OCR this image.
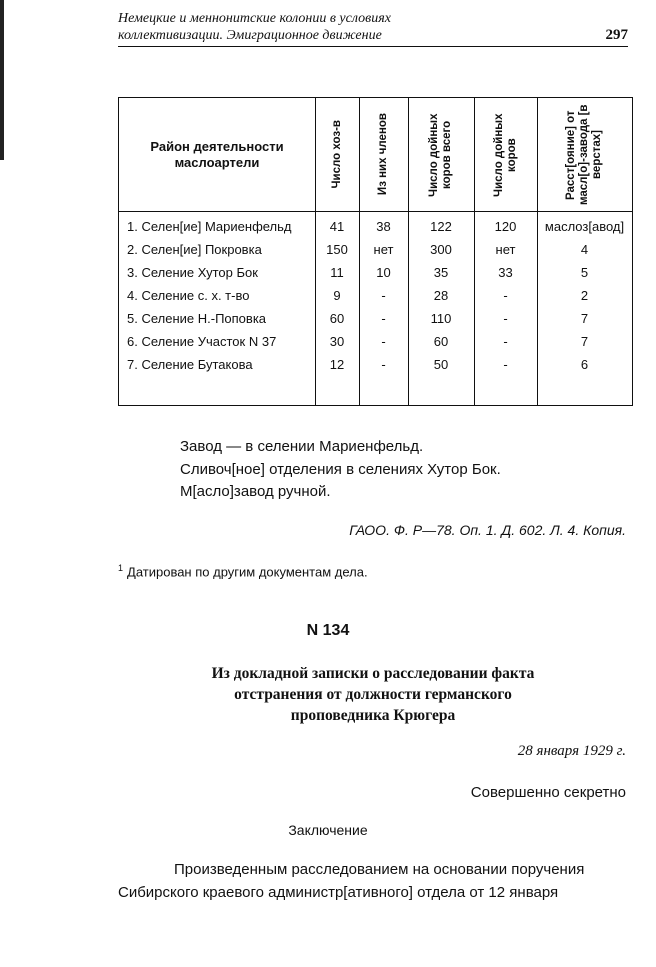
Немецкие и меннонитские колонии в условиях
коллективизации. Эмиграционное движение	297
Район деятельности маслоартели	Число хоз-в	Из них членов	Число дойных коров всего	Число дойных коров	Расст[ояние] от масл[о]-завода [в верстах]
1. Селен[ие] Мариенфельд	41	38	122	120	маслоз[авод]
2. Селен[ие] Покровка	150	нет	300	нет	4
3. Селение Хутор Бок	11	10	35	33	5
4. Селение с. х. т-во	9	-	28	-	2
5. Селение Н.-Поповка	60	-	110	-	7
6. Селение Участок N 37	30	-	60	-	7
7. Селение Бутакова	12	-	50	-	6
Завод — в селении Мариенфельд.
Сливоч[ное] отделения в селениях Хутор Бок.
М[асло]завод ручной.
ГАОО. Ф. Р—78. Оп. 1. Д. 602. Л. 4. Копия.
$^1$ Датирован по другим документам дела.
N 134
Из докладной записки о расследовании факта
отстранения от должности германского
проповедника Крюгера
28 января 1929 г.
Совершенно секретно
Заключение
Произведенным расследованием на основании поручения
Сибирского краевого администр[ативного] отдела от 12 января
